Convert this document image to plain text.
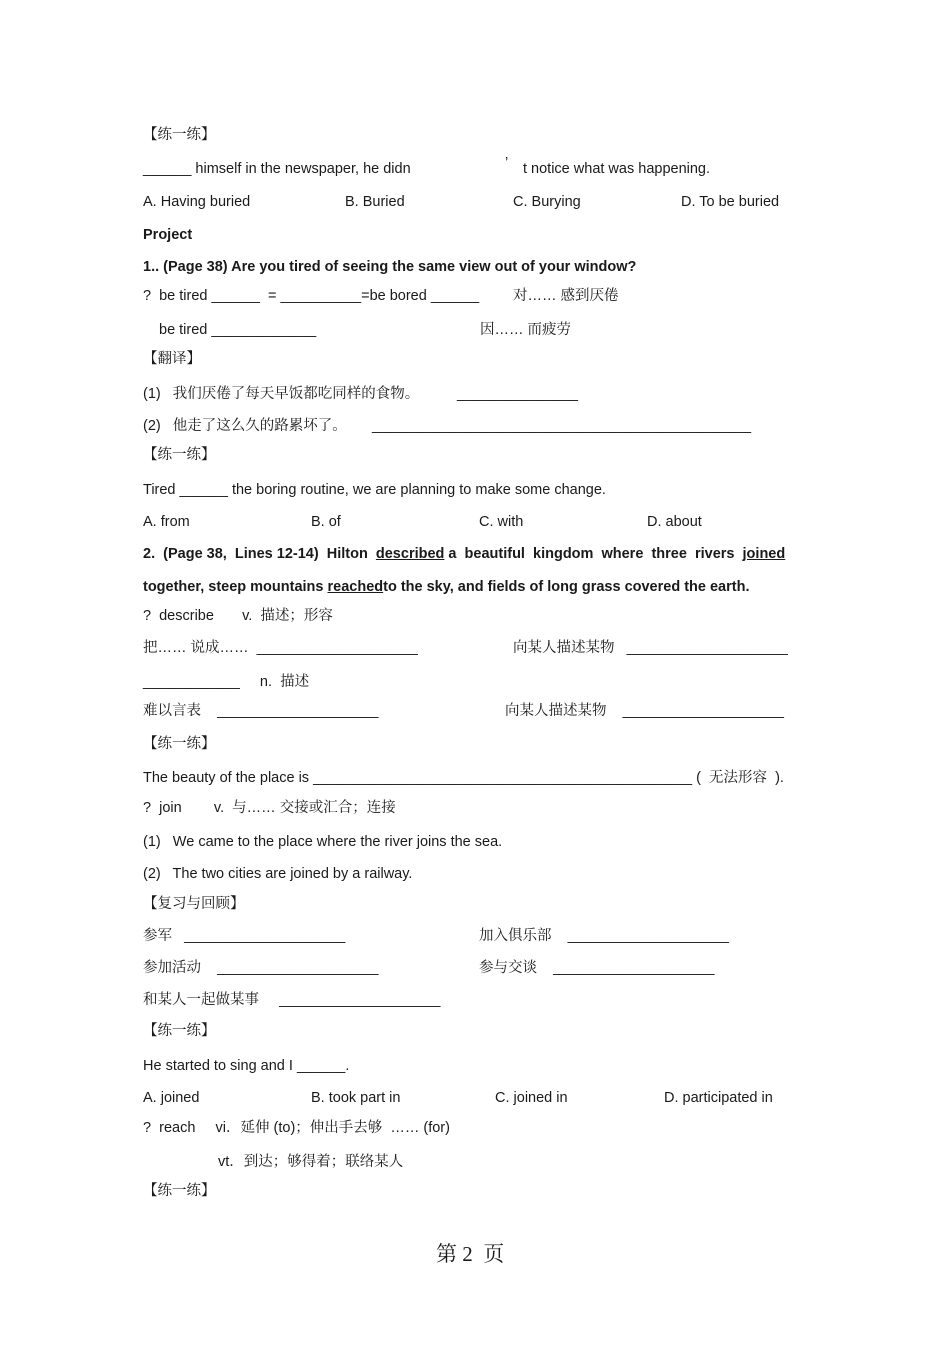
【练一练】
______ himself in the newspaper, he didn	’ t notice what was happening.
A. Having buried	B. Buried	C. Burying	D. To be buried
Project
1.. (Page 38) Are you tired of seeing the same view out of your window?
?  be tired ______  = __________=be bored ______ 对…… 感到厌倦
be tired _____________	因…… 而疲劳
【翻译】
(1)   我们厌倦了每天早饭都吃同样的食物。	_______________
(2)   他走了这么久的路累坏了。 _______________________________________________
【练一练】
Tired ______ the boring routine, we are planning to make some change.
A. from	B. of	C. with	D. about
2.  (Page 38,  Lines 12-14)  Hilton  described a  beautiful  kingdom  where  three  rivers  joined
together, steep mountains reachedto the sky, and fields of long grass covered the earth.
?  describe       v.  描述；形容
把…… 说成……  ____________________	向某人描述某物   ____________________
____________     n.  描述
难以言表    ____________________	向某人描述某物    ____________________
【练一练】
The beauty of the place is _______________________________________________ (  无法形容  ).
?  join        v.  与…… 交接或汇合；连接
(1)   We came to the place where the river joins the sea.
(2)   The two cities are joined by a railway.
【复习与回顾】
参军   ____________________	加入俱乐部    ____________________
参加活动    ____________________	参与交谈    ____________________
和某人一起做某事     ____________________
【练一练】
He started to sing and I ______.
A. joined	B. took part in	C. joined in	D. participated in
?  reach     vi．延伸 (to)；伸出手去够  …… (for)
vt．到达；够得着；联络某人
【练一练】
第 2  页
